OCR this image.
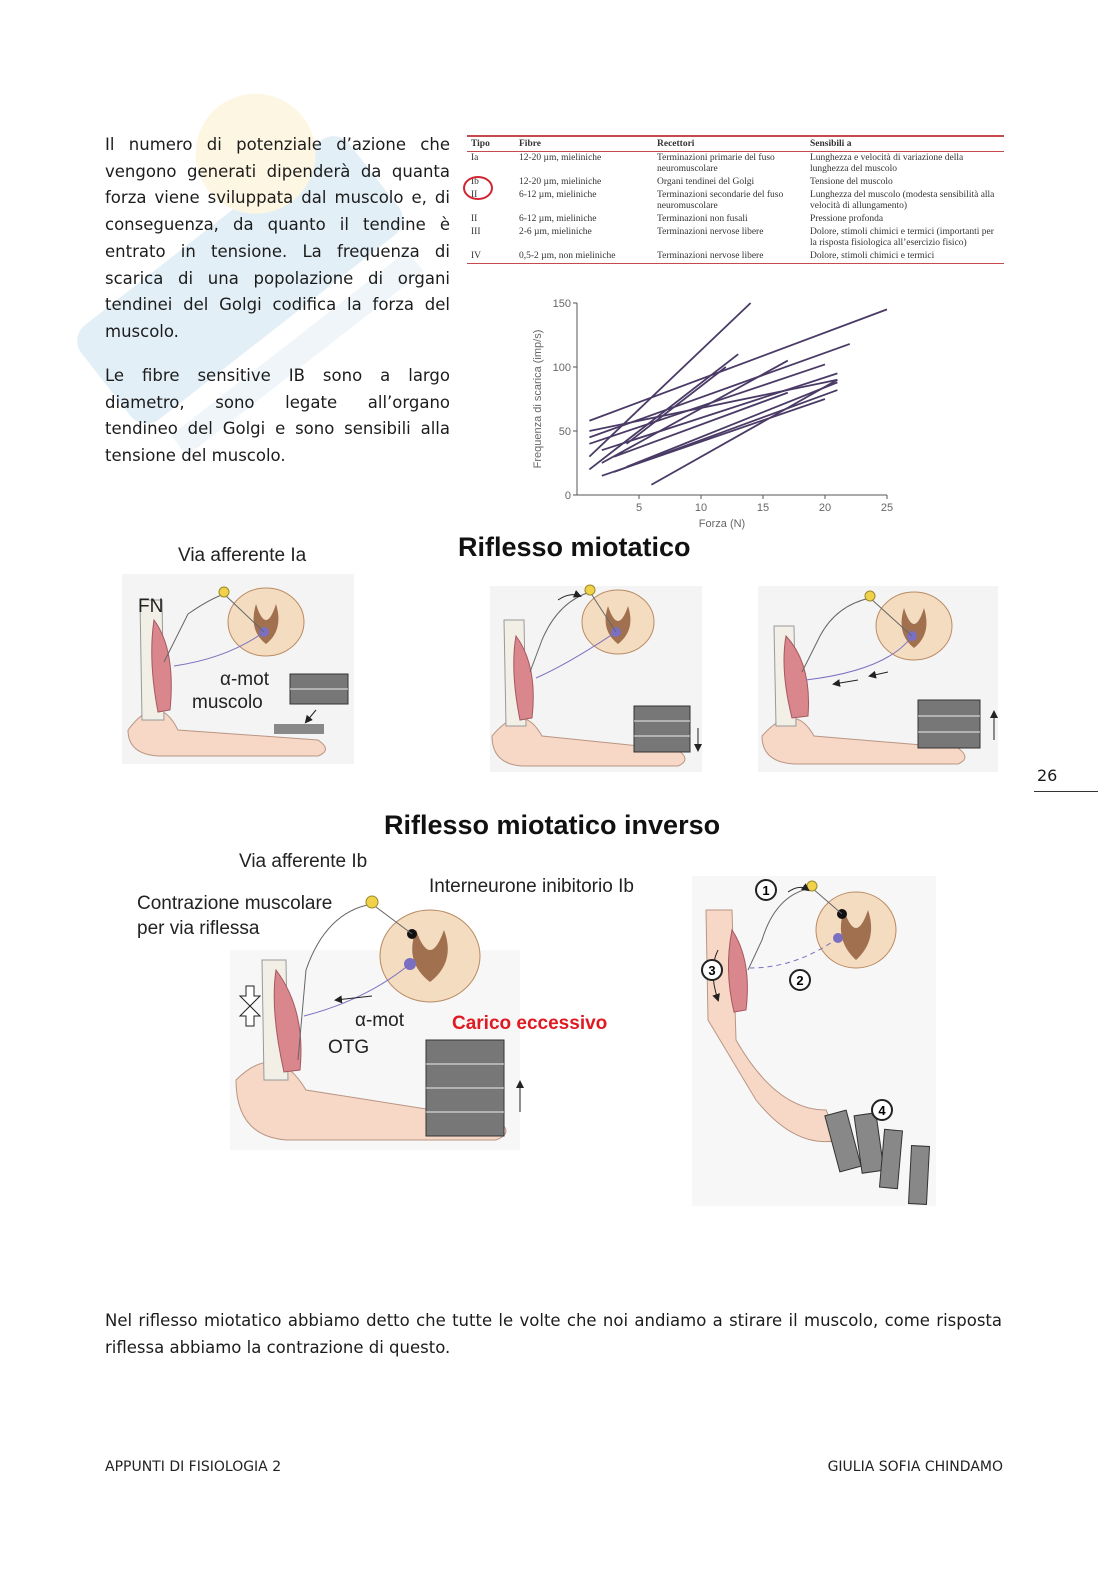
Il numero di potenziale d’azione che vengono generati dipenderà da quanta forza viene sviluppata dal muscolo e, di conseguenza, da quanto il tendine è entrato in tensione. La frequenza di scarica di una popolazione di organi tendinei del Golgi codifica la forza del muscolo.
Le fibre sensitive IB sono a largo diametro, sono legate all’organo tendineo del Golgi e sono sensibili alla tensione del muscolo.
Tipo	Fibre	Recettori	Sensibili a
Ia	12-20 µm, mieliniche	Terminazioni primarie del fuso neuromuscolare	Lunghezza e velocità di variazione della lunghezza del muscolo
Ib	12-20 µm, mieliniche	Organi tendinei del Golgi	Tensione del muscolo
II	6-12 µm, mieliniche	Terminazioni secondarie del fuso neuromuscolare	Lunghezza del muscolo (modesta sensibilità alla velocità di allungamento)
II	6-12 µm, mieliniche	Terminazioni non fusali	Pressione profonda
III	2-6 µm, mieliniche	Terminazioni nervose libere	Dolore, stimoli chimici e termici (importanti per la risposta fisiologica all’esercizio fisico)
IV	0,5-2 µm, non mieliniche	Terminazioni nervose libere	Dolore, stimoli chimici e termici
5	10	15	20	25
0
50
100
150
Forza (N)
Frequenza di scarica (imp/s)
Riflesso miotatico
Via afferente Ia
FN
α-mot
muscolo
26
Riflesso miotatico inverso
1
2
3
4
Via afferente Ib
Interneurone inibitorio Ib
Contrazione muscolare
per via riflessa
α-mot
OTG
Carico eccessivo
Nel riflesso miotatico abbiamo detto che tutte le volte che noi andiamo a stirare il muscolo, come risposta riflessa abbiamo la contrazione di questo.
APPUNTI DI FISIOLOGIA 2	GIULIA SOFIA CHINDAMO
